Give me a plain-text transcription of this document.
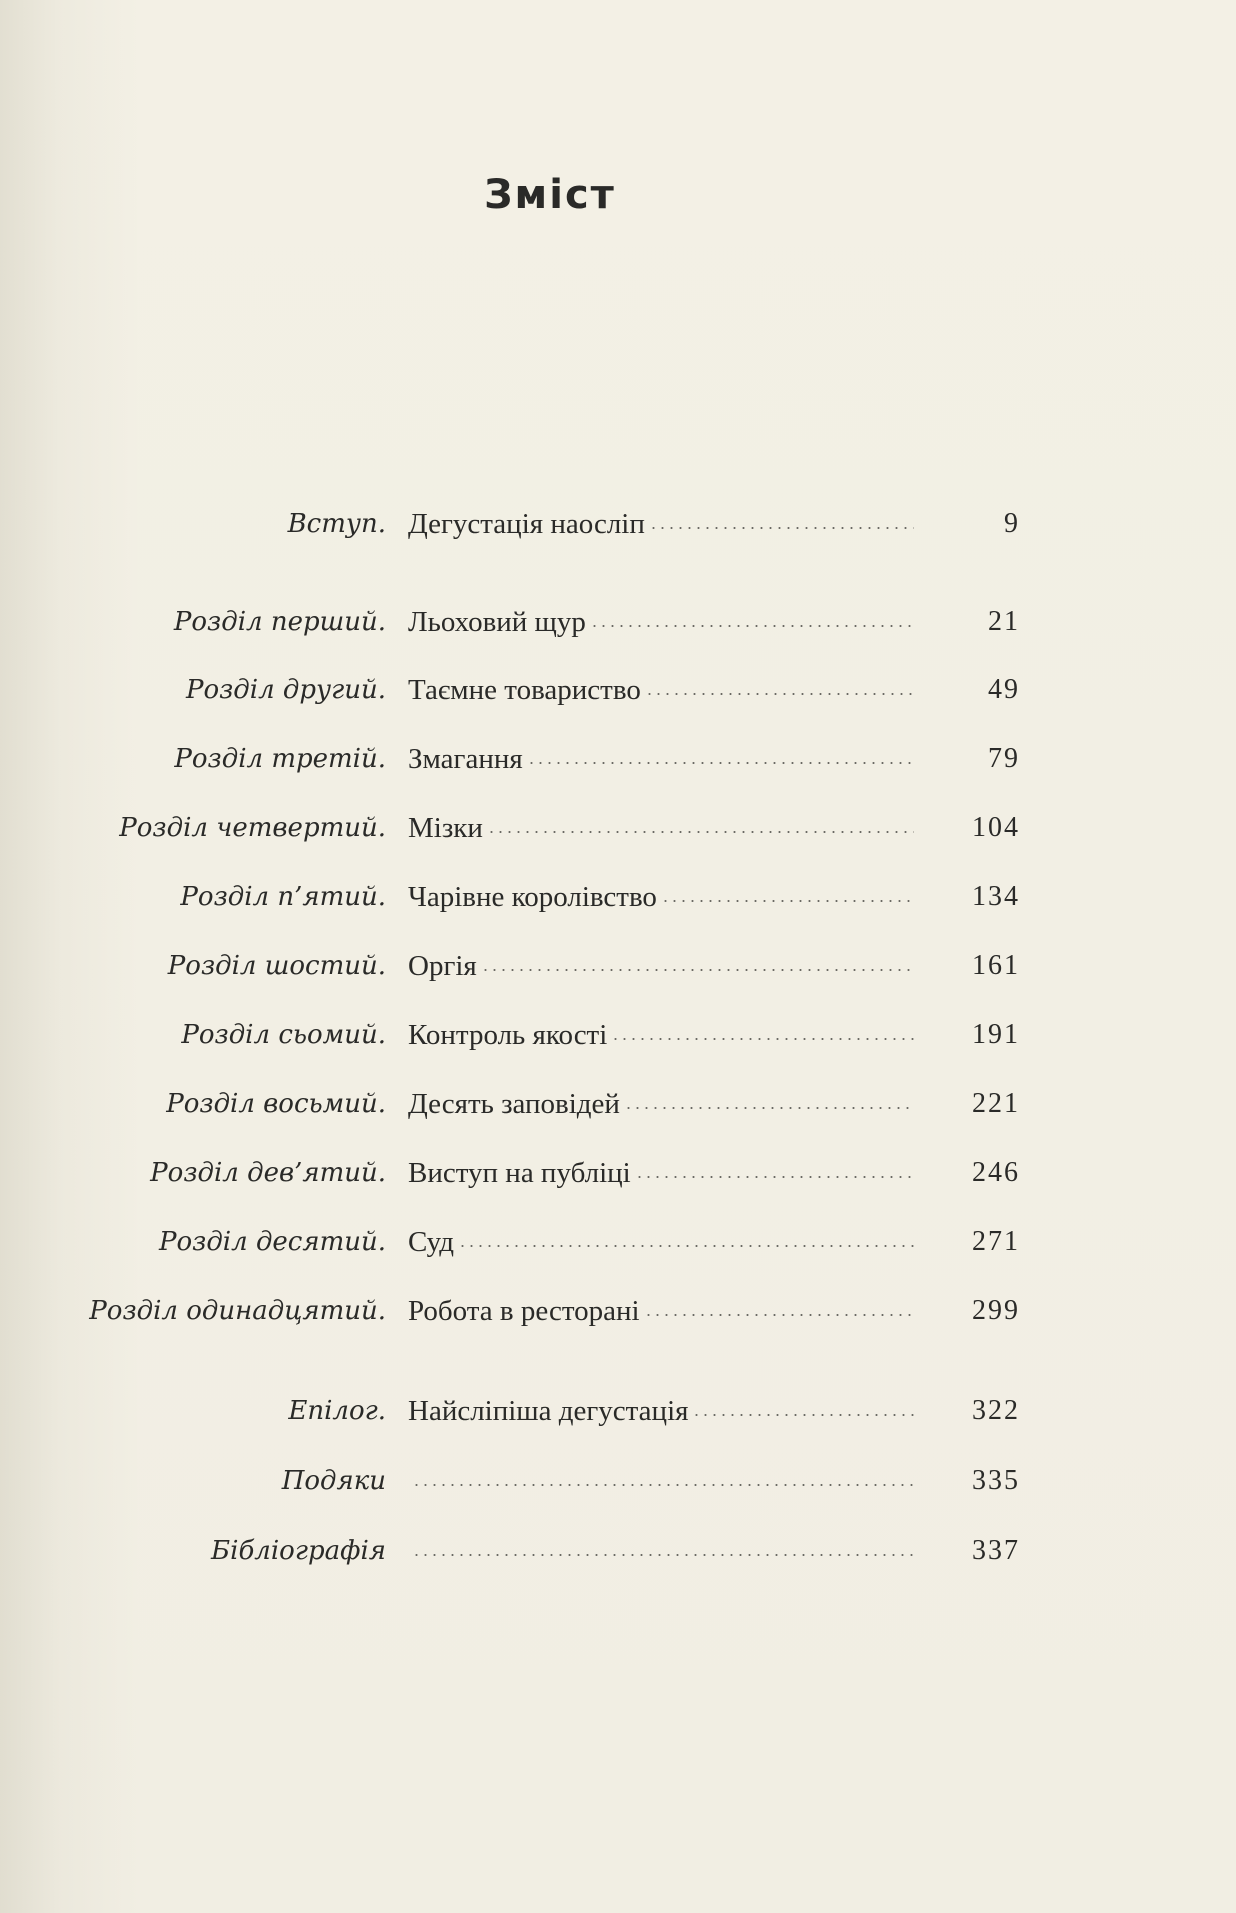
Зміст
Вступ. Дегустація наосліп	9
Розділ перший. Льоховий щур	21
Розділ другий. Таємне товариство	49
Розділ третій. Змагання	79
Розділ четвертий. Мізки	104
Розділ п’ятий. Чарівне королівство	134
Розділ шостий. Оргія	161
Розділ сьомий. Контроль якості	191
Розділ восьмий. Десять заповідей	221
Розділ дев’ятий. Виступ на публіці	246
Розділ десятий. Суд	271
Розділ одинадцятий. Робота в ресторані	299
Епілог. Найсліпіша дегустація	322
Подяки	335
Бібліографія	337
